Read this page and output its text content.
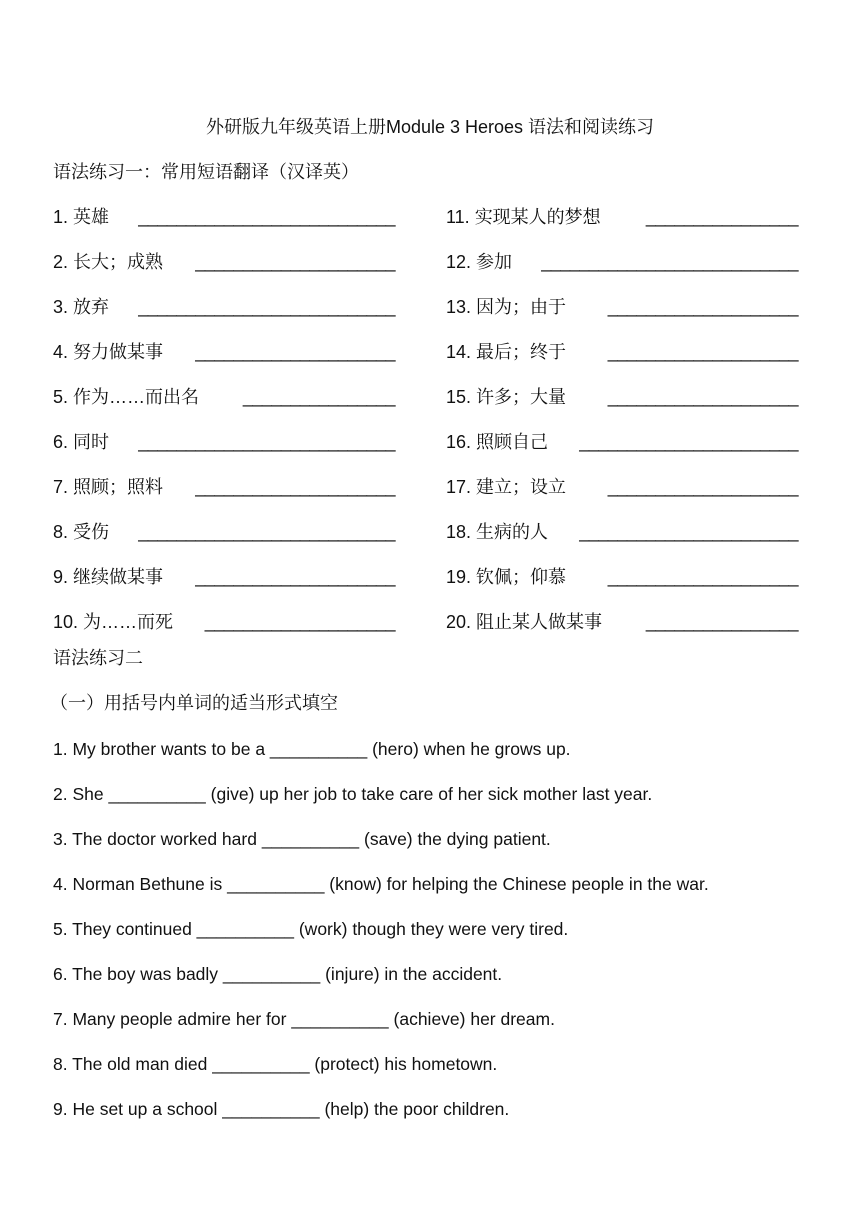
外研版九年级英语上册Module 3 Heroes 语法和阅读练习
语法练习一：常用短语翻译（汉译英）
1. 英雄 ___________________________
2. 长大；成熟 _____________________
3. 放弃 ___________________________
4. 努力做某事 _____________________
5. 作为……而出名 ________________
6. 同时 ___________________________
7. 照顾；照料 _____________________
8. 受伤 ___________________________
9. 继续做某事 _____________________
10. 为……而死 ____________________
11. 实现某人的梦想	________________
12. 参加 ___________________________
13. 因为；由于 ____________________
14. 最后；终于 ____________________
15. 许多；大量 ____________________
16. 照顾自己 _______________________
17. 建立；设立 ____________________
18. 生病的人 _______________________
19. 钦佩；仰慕 ____________________
20. 阻止某人做某事 ________________
语法练习二
（一）用括号内单词的适当形式填空
1. My brother wants to be a __________ (hero) when he grows up.
2. She __________ (give) up her job to take care of her sick mother last year.
3. The doctor worked hard __________ (save) the dying patient.
4. Norman Bethune is __________ (know) for helping the Chinese people in the war.
5. They continued __________ (work) though they were very tired.
6. The boy was badly __________ (injure) in the accident.
7. Many people admire her for __________ (achieve) her dream.
8. The old man died __________ (protect) his hometown.
9. He set up a school __________ (help) the poor children.
